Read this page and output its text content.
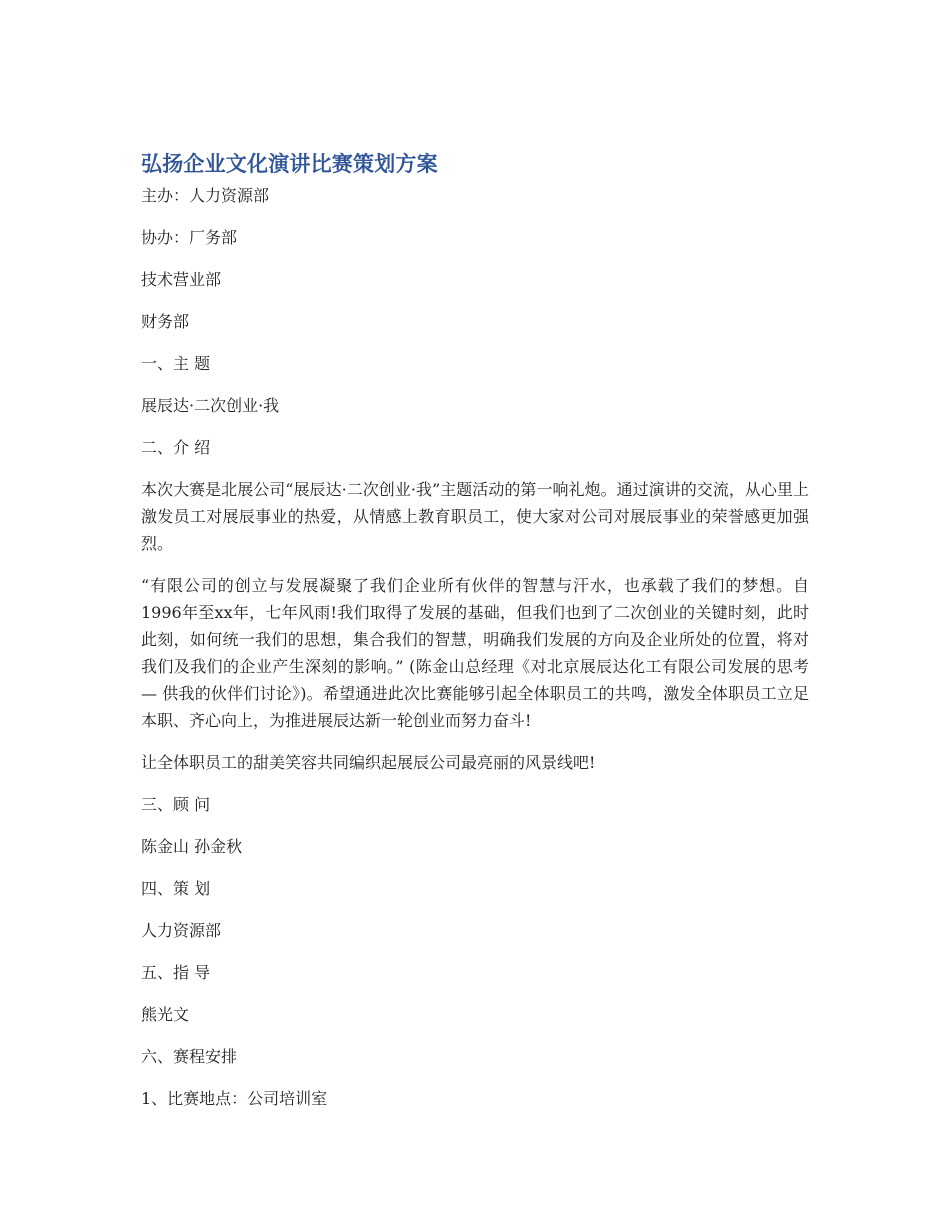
弘扬企业文化演讲比赛策划方案

主办：人力资源部

协办：厂务部

技术营业部

财务部

一、主 题

展辰达·二次创业·我

二、介 绍

本次大赛是北展公司“展辰达·二次创业·我”主题活动的第一响礼炮。通过演讲的交流，从心里上激发员工对展辰事业的热爱，从情感上教育职员工，使大家对公司对展辰事业的荣誉感更加强烈。

“有限公司的创立与发展凝聚了我们企业所有伙伴的智慧与汗水，也承载了我们的梦想。自1996年至xx年，七年风雨!我们取得了发展的基础，但我们也到了二次创业的关键时刻，此时此刻，如何统一我们的思想，集合我们的智慧，明确我们发展的方向及企业所处的位置，将对我们及我们的企业产生深刻的影响。” (陈金山总经理《对北京展辰达化工有限公司发展的思考 — 供我的伙伴们讨论》)。希望通进此次比赛能够引起全体职员工的共鸣，激发全体职员工立足本职、齐心向上，为推进展辰达新一轮创业而努力奋斗!

让全体职员工的甜美笑容共同编织起展辰公司最亮丽的风景线吧!

三、顾 问

陈金山 孙金秋

四、策 划

人力资源部

五、指 导

熊光文

六、赛程安排

1、比赛地点：公司培训室
